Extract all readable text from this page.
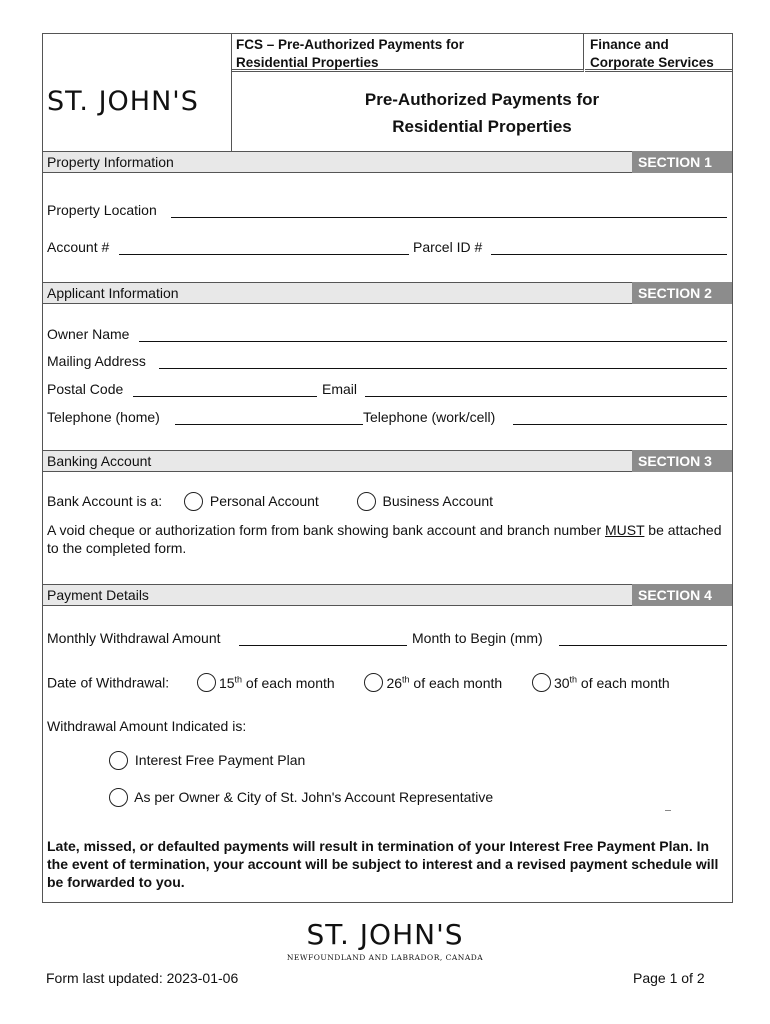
ST. JOHN'S
FCS – Pre-Authorized Payments for
Residential Properties
Finance and
Corporate Services
Pre-Authorized Payments for
Residential Properties
Property Information	SECTION 1
Property Location
Account #	Parcel ID #
Applicant Information	SECTION 2
Owner Name
Mailing Address
Postal Code	Email
Telephone (home)	Telephone (work/cell)
Banking Account	SECTION 3
Bank Account is a:	Personal Account	Business Account
A void cheque or authorization form from bank showing bank account and branch number MUST be attached to the completed form.
Payment Details	SECTION 4
Monthly Withdrawal Amount	Month to Begin (mm)
Date of Withdrawal:	15th of each month	26th of each month	30th of each month
Withdrawal Amount Indicated is:
Interest Free Payment Plan
As per Owner & City of St. John's Account Representative
Late, missed, or defaulted payments will result in termination of your Interest Free Payment Plan. In the event of termination, your account will be subject to interest and a revised payment schedule will be forwarded to you.
ST. JOHN'S
NEWFOUNDLAND AND LABRADOR, CANADA
Form last updated: 2023-01-06	Page 1 of 2
